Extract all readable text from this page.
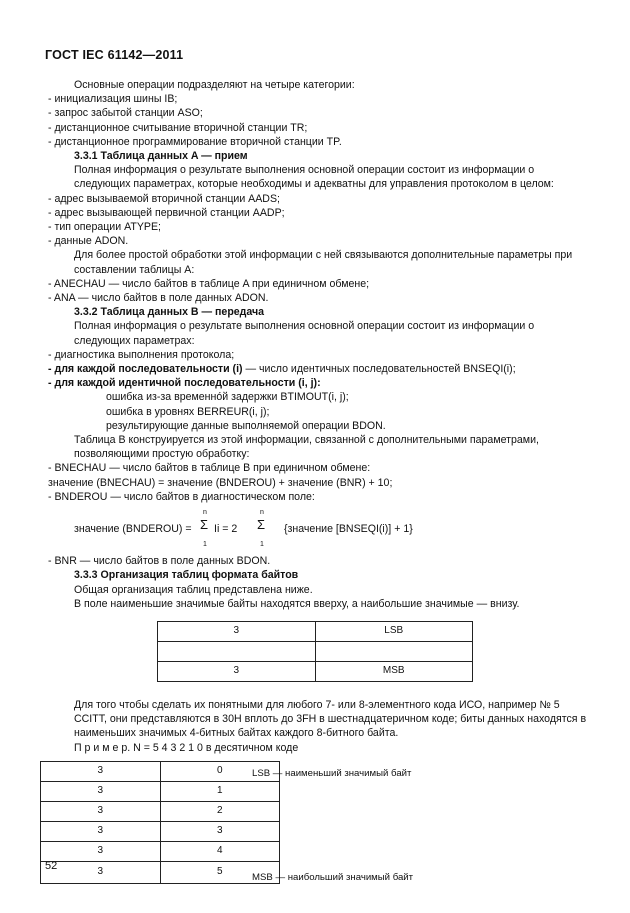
ГОСТ IEC 61142—2011

Основные операции подразделяют на четыре категории:

- инициализация шины IB;

- запрос забытой станции ASO;

- дистанционное считывание вторичной станции TR;

- дистанционное программирование вторичной станции TP.

3.3.1 Таблица данных A — прием

Полная информация о результате выполнения основной операции состоит из информации о следующих параметрах, которые необходимы и адекватны для управления протоколом в целом:

- адрес вызываемой вторичной станции AADS;

- адрес вызывающей первичной станции AADP;

- тип операции ATYPE;

- данные ADON.

Для более простой обработки этой информации с ней связываются дополнительные параметры при составлении таблицы A:

- ANECHAU — число байтов в таблице A при единичном обмене;

- ANA — число байтов в поле данных ADON.

3.3.2 Таблица данных B — передача

Полная информация о результате выполнения основной операции состоит из информации о следующих параметрах:

- диагностика выполнения протокола;

- для каждой последовательности (i) — число идентичных последовательностей BNSEQI(i);

- для каждой идентичной последовательности (i, j):

ошибка из-за временнóй задержки BTIMOUT(i, j);

ошибка в уровнях BERREUR(i, j);

результирующие данные выполняемой операции BDON.

Таблица B конструируется из этой информации, связанной с дополнительными параметрами, позволяющими простую обработку:

- BNECHAU — число байтов в таблице B при единичном обмене:

значение (BNECHAU) = значение (BNDEROU) + значение (BNR) + 10;

- BNDEROU — число байтов в диагностическом поле:

значение (BNDEROU) =
n
Σ
1
Ii = 2
n
Σ
1
{значение [BNSEQI(i)] + 1}

- BNR — число байтов в поле данных BDON.

3.3.3 Организация таблиц формата байтов

Общая организация таблиц представлена ниже.

В поле наименьшие значимые байты находятся вверху, а наибольшие значимые — внизу.

3	LSB

3	MSB

Для того чтобы сделать их понятными для любого 7- или 8-элементного кода ИСО, например № 5 CCITT, они представляются в 30H вплоть до 3FH в шестнадцатеричном коде; биты данных находятся в наименьших значимых 4-битных байтах каждого 8-битного байта.

П р и м е р. N = 5 4 3 2 1 0 в десятичном коде

3	0
3	1
3	2
3	3
3	4
3	5
LSB — наименьший значимый байт
MSB — наибольший значимый байт
52
